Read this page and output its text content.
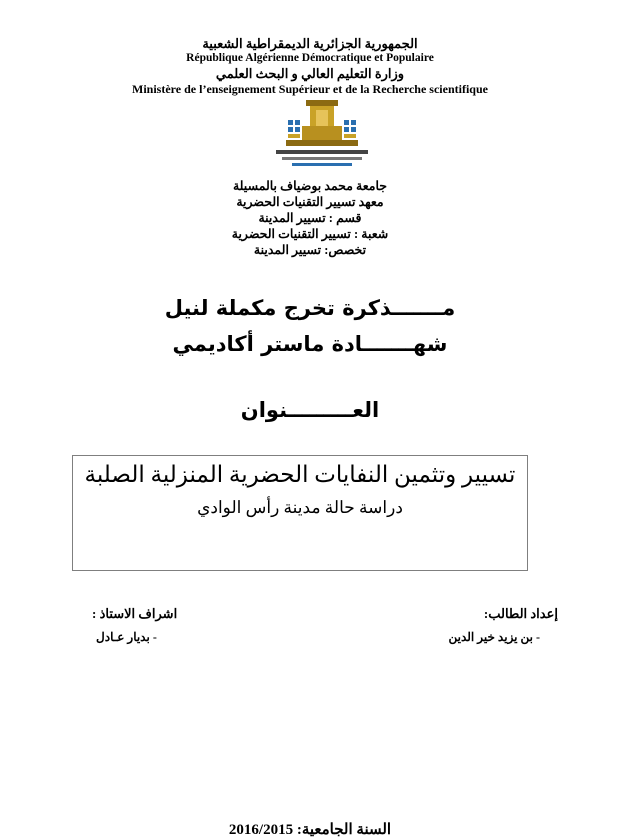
الجمهورية الجزائرية الديمقراطية الشعبية
République Algérienne Démocratique et Populaire
وزارة التعليم العالي و البحث العلمي
Ministère de l’enseignement Supérieur et de la Recherche scientifique
جامعة محمد بوضياف بالمسيلة
معهد تسيير التقنيات الحضرية
قسم : تسيير المدينة
شعبة : تسيير التقنيات الحضرية
تخصص: تسيير المدينة
مـــــــذكرة تخرج مكملة لنيل
شهـــــــادة ماستر أكاديمي
العـــــــــنوان
تسيير وتثمين النفايات الحضرية المنزلية الصلبة
دراسة حالة مدينة رأس الوادي
إعداد الطالب:
- بن يزيد خير الدين
اشراف الاستاذ :
- بديار عـادل
السنة الجامعية: 2016/2015
